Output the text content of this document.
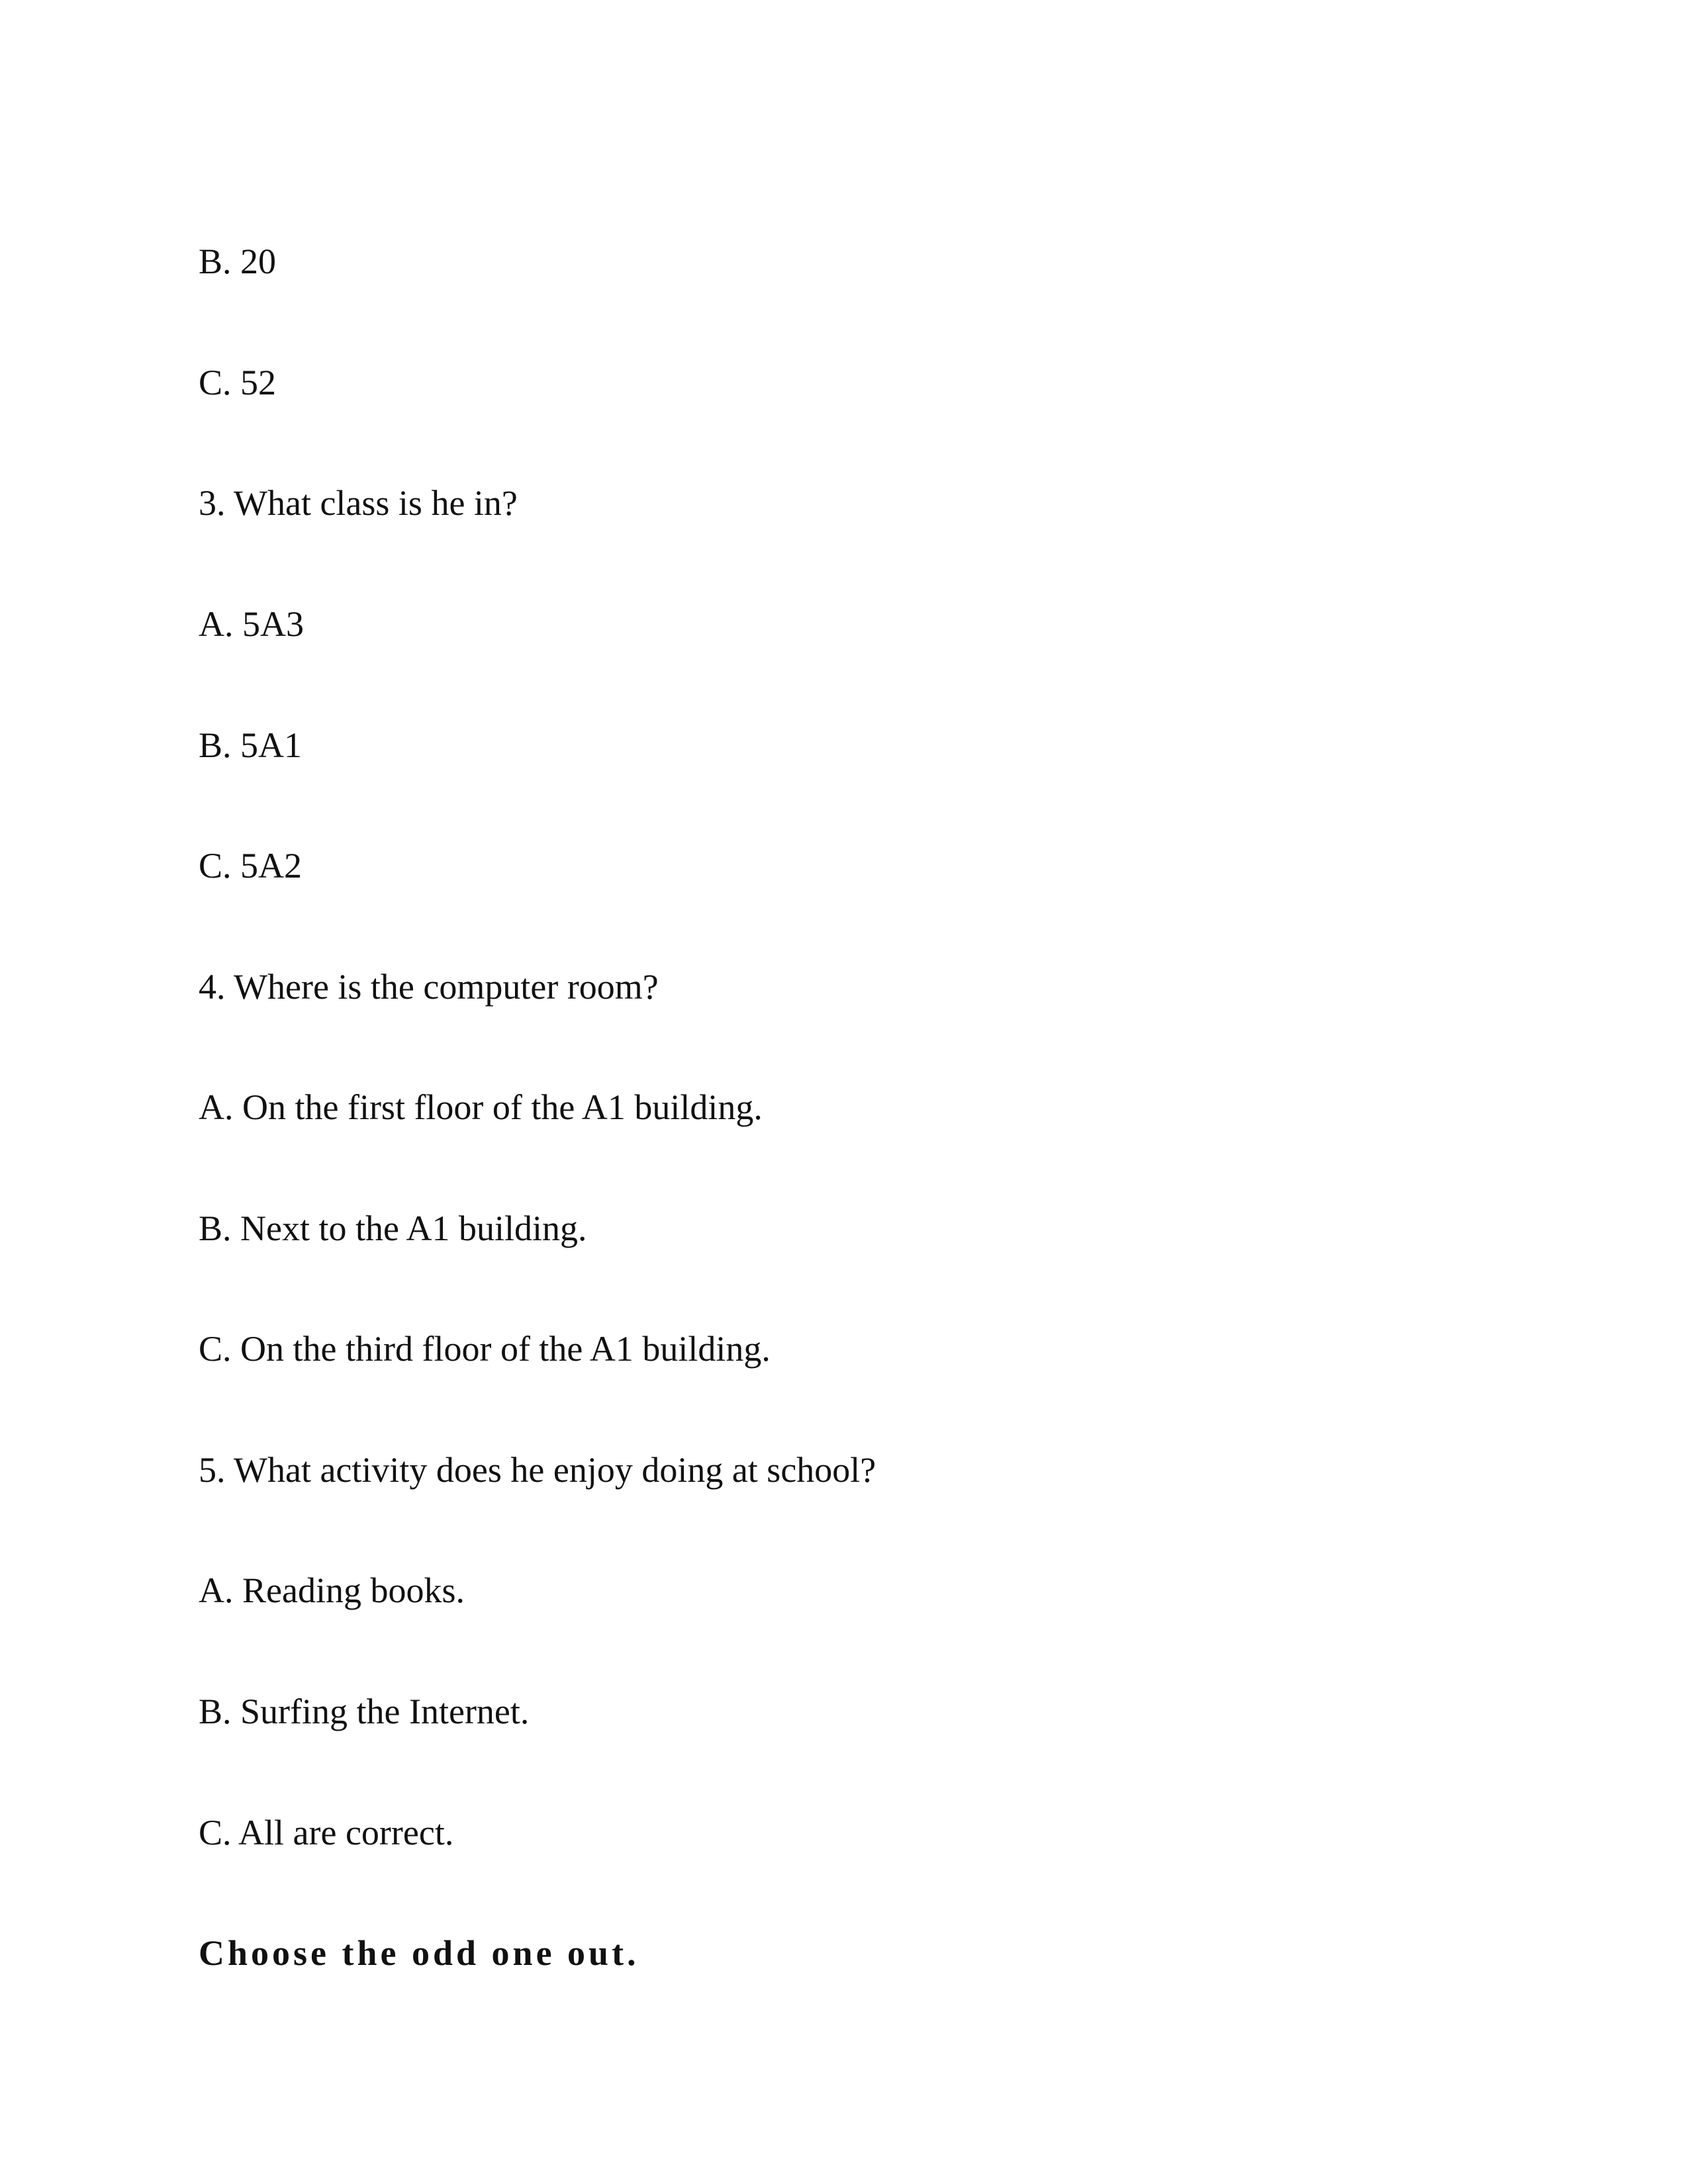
B. 20
C. 52
3. What class is he in?
A. 5A3
B. 5A1
C. 5A2
4. Where is the computer room?
A. On the first floor of the A1 building.
B. Next to the A1 building.
C. On the third floor of the A1 building.
5. What activity does he enjoy doing at school?
A. Reading books.
B. Surfing the Internet.
C. All are correct.
Choose the odd one out.
